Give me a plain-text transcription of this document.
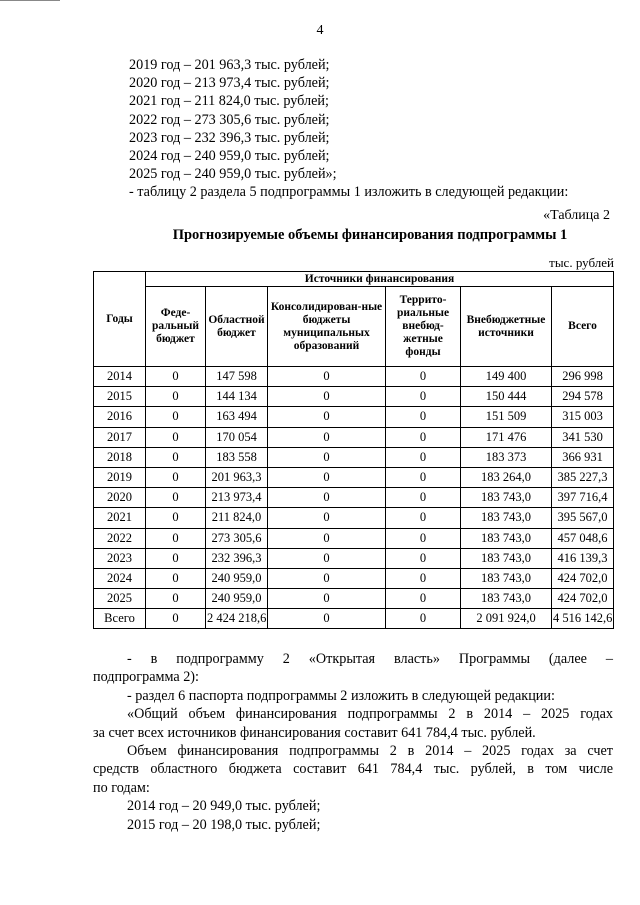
4
2019 год – 201 963,3 тыс. рублей;
2020 год – 213 973,4 тыс. рублей;
2021 год – 211 824,0 тыс. рублей;
2022 год – 273 305,6 тыс. рублей;
2023 год – 232 396,3 тыс. рублей;
2024 год – 240 959,0 тыс. рублей;
2025 год – 240 959,0 тыс. рублей»;
- таблицу 2 раздела 5 подпрограммы 1 изложить в следующей редакции:
«Таблица 2
Прогнозируемые объемы финансирования подпрограммы 1
тыс. рублей
Годы	Источники финансирования					
	Феде-ральный бюджет	Областной бюджет	Консолидирован-ные бюджеты муниципальных образований	Террито-риальные внебюд-жетные фонды	Внебюджетные источники	Всего
2014	0	147 598	0	0	149 400	296 998
2015	0	144 134	0	0	150 444	294 578
2016	0	163 494	0	0	151 509	315 003
2017	0	170 054	0	0	171 476	341 530
2018	0	183 558	0	0	183 373	366 931
2019	0	201 963,3	0	0	183 264,0	385 227,3
2020	0	213 973,4	0	0	183 743,0	397 716,4
2021	0	211 824,0	0	0	183 743,0	395 567,0
2022	0	273 305,6	0	0	183 743,0	457 048,6
2023	0	232 396,3	0	0	183 743,0	416 139,3
2024	0	240 959,0	0	0	183 743,0	424 702,0
2025	0	240 959,0	0	0	183 743,0	424 702,0
Всего	0	2 424 218,6	0	0	2 091 924,0	4 516 142,6
- в подпрограмму 2 «Открытая власть» Программы (далее –
подпрограмма 2):
- раздел 6 паспорта подпрограммы 2 изложить в следующей редакции:
«Общий объем финансирования подпрограммы 2 в 2014 – 2025 годах
за счет всех источников финансирования составит 641 784,4 тыс. рублей.
Объем финансирования подпрограммы 2 в 2014 – 2025 годах за счет
средств областного бюджета составит 641 784,4 тыс. рублей, в том числе
по годам:
2014 год – 20 949,0 тыс. рублей;
2015 год – 20 198,0 тыс. рублей;
